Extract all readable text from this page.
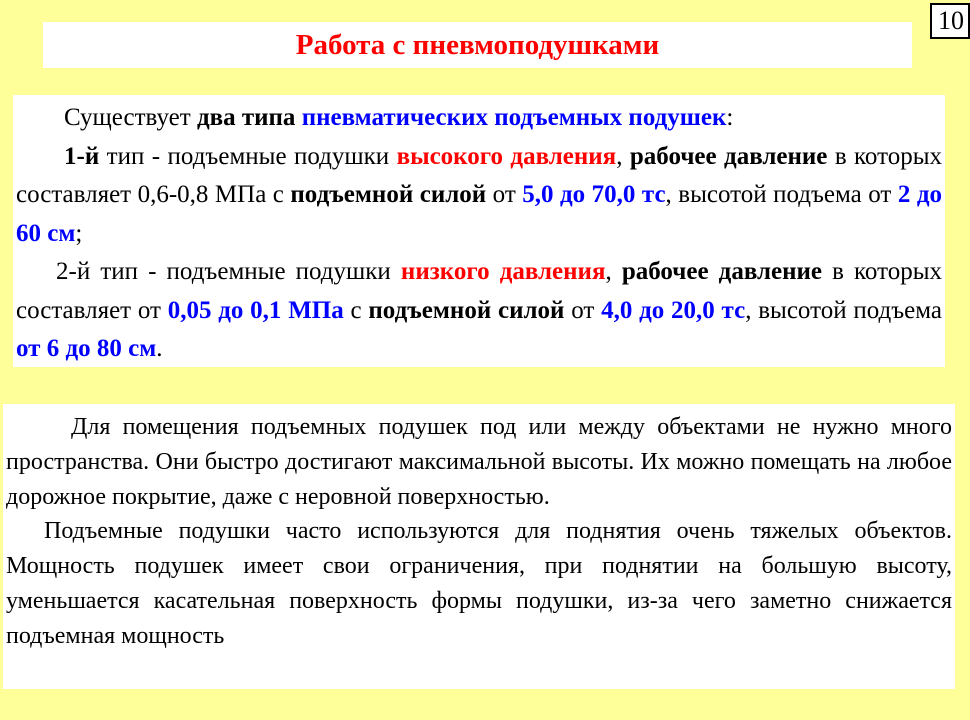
10
Работа с пневмоподушками

Существует два типа пневматических подъемных подушек:

1-й тип - подъемные подушки высокого давления, рабочее давление в которых составляет 0,6-0,8 МПа с подъемной силой от 5,0 до 70,0 тс, высотой подъема от 2 до 60 см;

2-й тип - подъемные подушки низкого давления, рабочее давление в которых составляет от 0,05 до 0,1 МПа с подъемной силой от 4,0 до 20,0 тс, высотой подъема от 6 до 80 см.

Для помещения подъемных подушек под или между объектами не нужно много пространства. Они быстро достигают максимальной высоты. Их можно помещать на любое дорожное покрытие, даже с неровной поверхностью.

Подъемные подушки часто используются для поднятия очень тяжелых объектов. Мощность подушек имеет свои ограничения, при поднятии на большую высоту, уменьшается касательная поверхность формы подушки, из-за чего заметно снижается подъемная мощность
